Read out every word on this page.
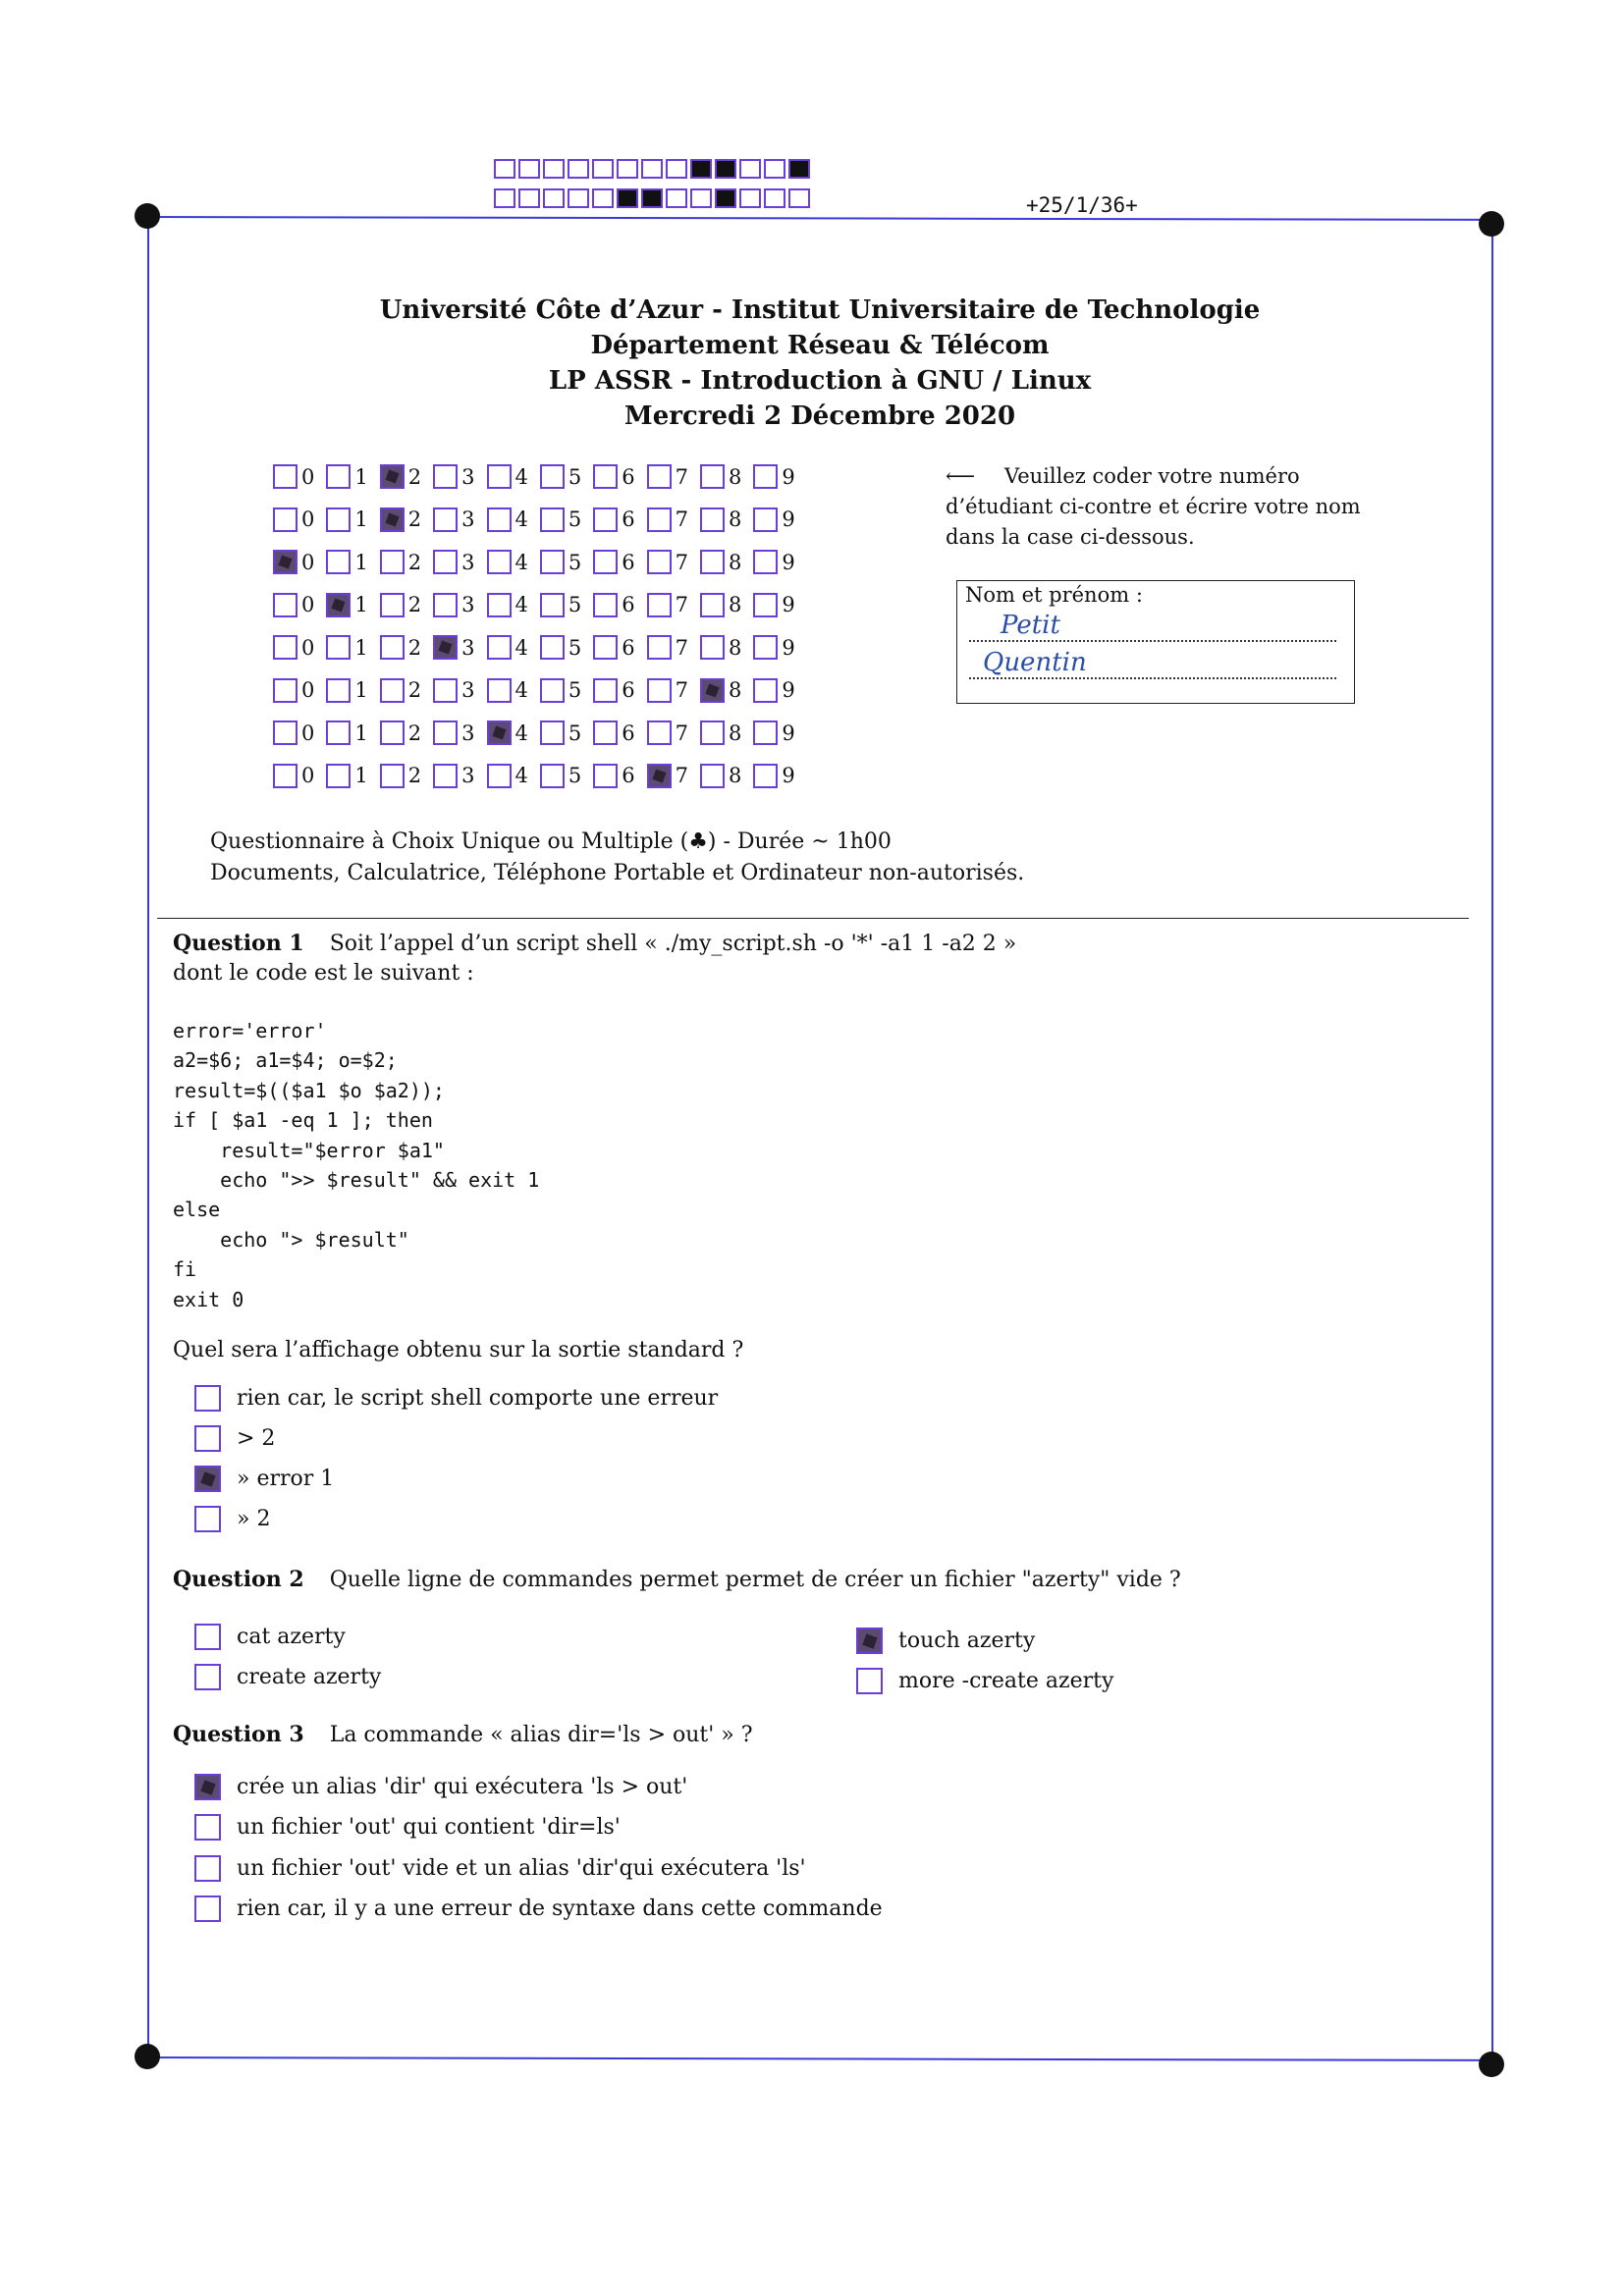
+25/1/36+
Université Côte d’Azur - Institut Universitaire de Technologie
Département Réseau & Télécom
LP ASSR - Introduction à GNU / Linux
Mercredi 2 Décembre 2020
0 1 2 3 4 5 6 7 8 9
0 1 2 3 4 5 6 7 8 9
0 1 2 3 4 5 6 7 8 9
0 1 2 3 4 5 6 7 8 9
0 1 2 3 4 5 6 7 8 9
0 1 2 3 4 5 6 7 8 9
0 1 2 3 4 5 6 7 8 9
0 1 2 3 4 5 6 7 8 9
⟵ Veuillez coder votre numéro d’étudiant ci-contre et écrire votre nom dans la case ci-dessous.
Nom et prénom :
Petit
Quentin
Questionnaire à Choix Unique ou Multiple (♣) - Durée ~ 1h00
Documents, Calculatrice, Téléphone Portable et Ordinateur non-autorisés.
Question 1 Soit l’appel d’un script shell « ./my_script.sh -o '*' -a1 1 -a2 2 »
dont le code est le suivant :
error='error'
a2=$6; a1=$4; o=$2;
result=$(($a1 $o $a2));
if [ $a1 -eq 1 ]; then
result="$error $a1"
echo ">> $result" && exit 1
else
echo "> $result"
fi
exit 0
Quel sera l’affichage obtenu sur la sortie standard ?
rien car, le script shell comporte une erreur
> 2
» error 1
» 2
Question 2 Quelle ligne de commandes permet permet de créer un fichier "azerty" vide ?
cat azerty
create azerty
touch azerty
more -create azerty
Question 3 La commande « alias dir='ls > out' » ?
crée un alias 'dir' qui exécutera 'ls > out'
un fichier 'out' qui contient 'dir=ls'
un fichier 'out' vide et un alias 'dir'qui exécutera 'ls'
rien car, il y a une erreur de syntaxe dans cette commande
